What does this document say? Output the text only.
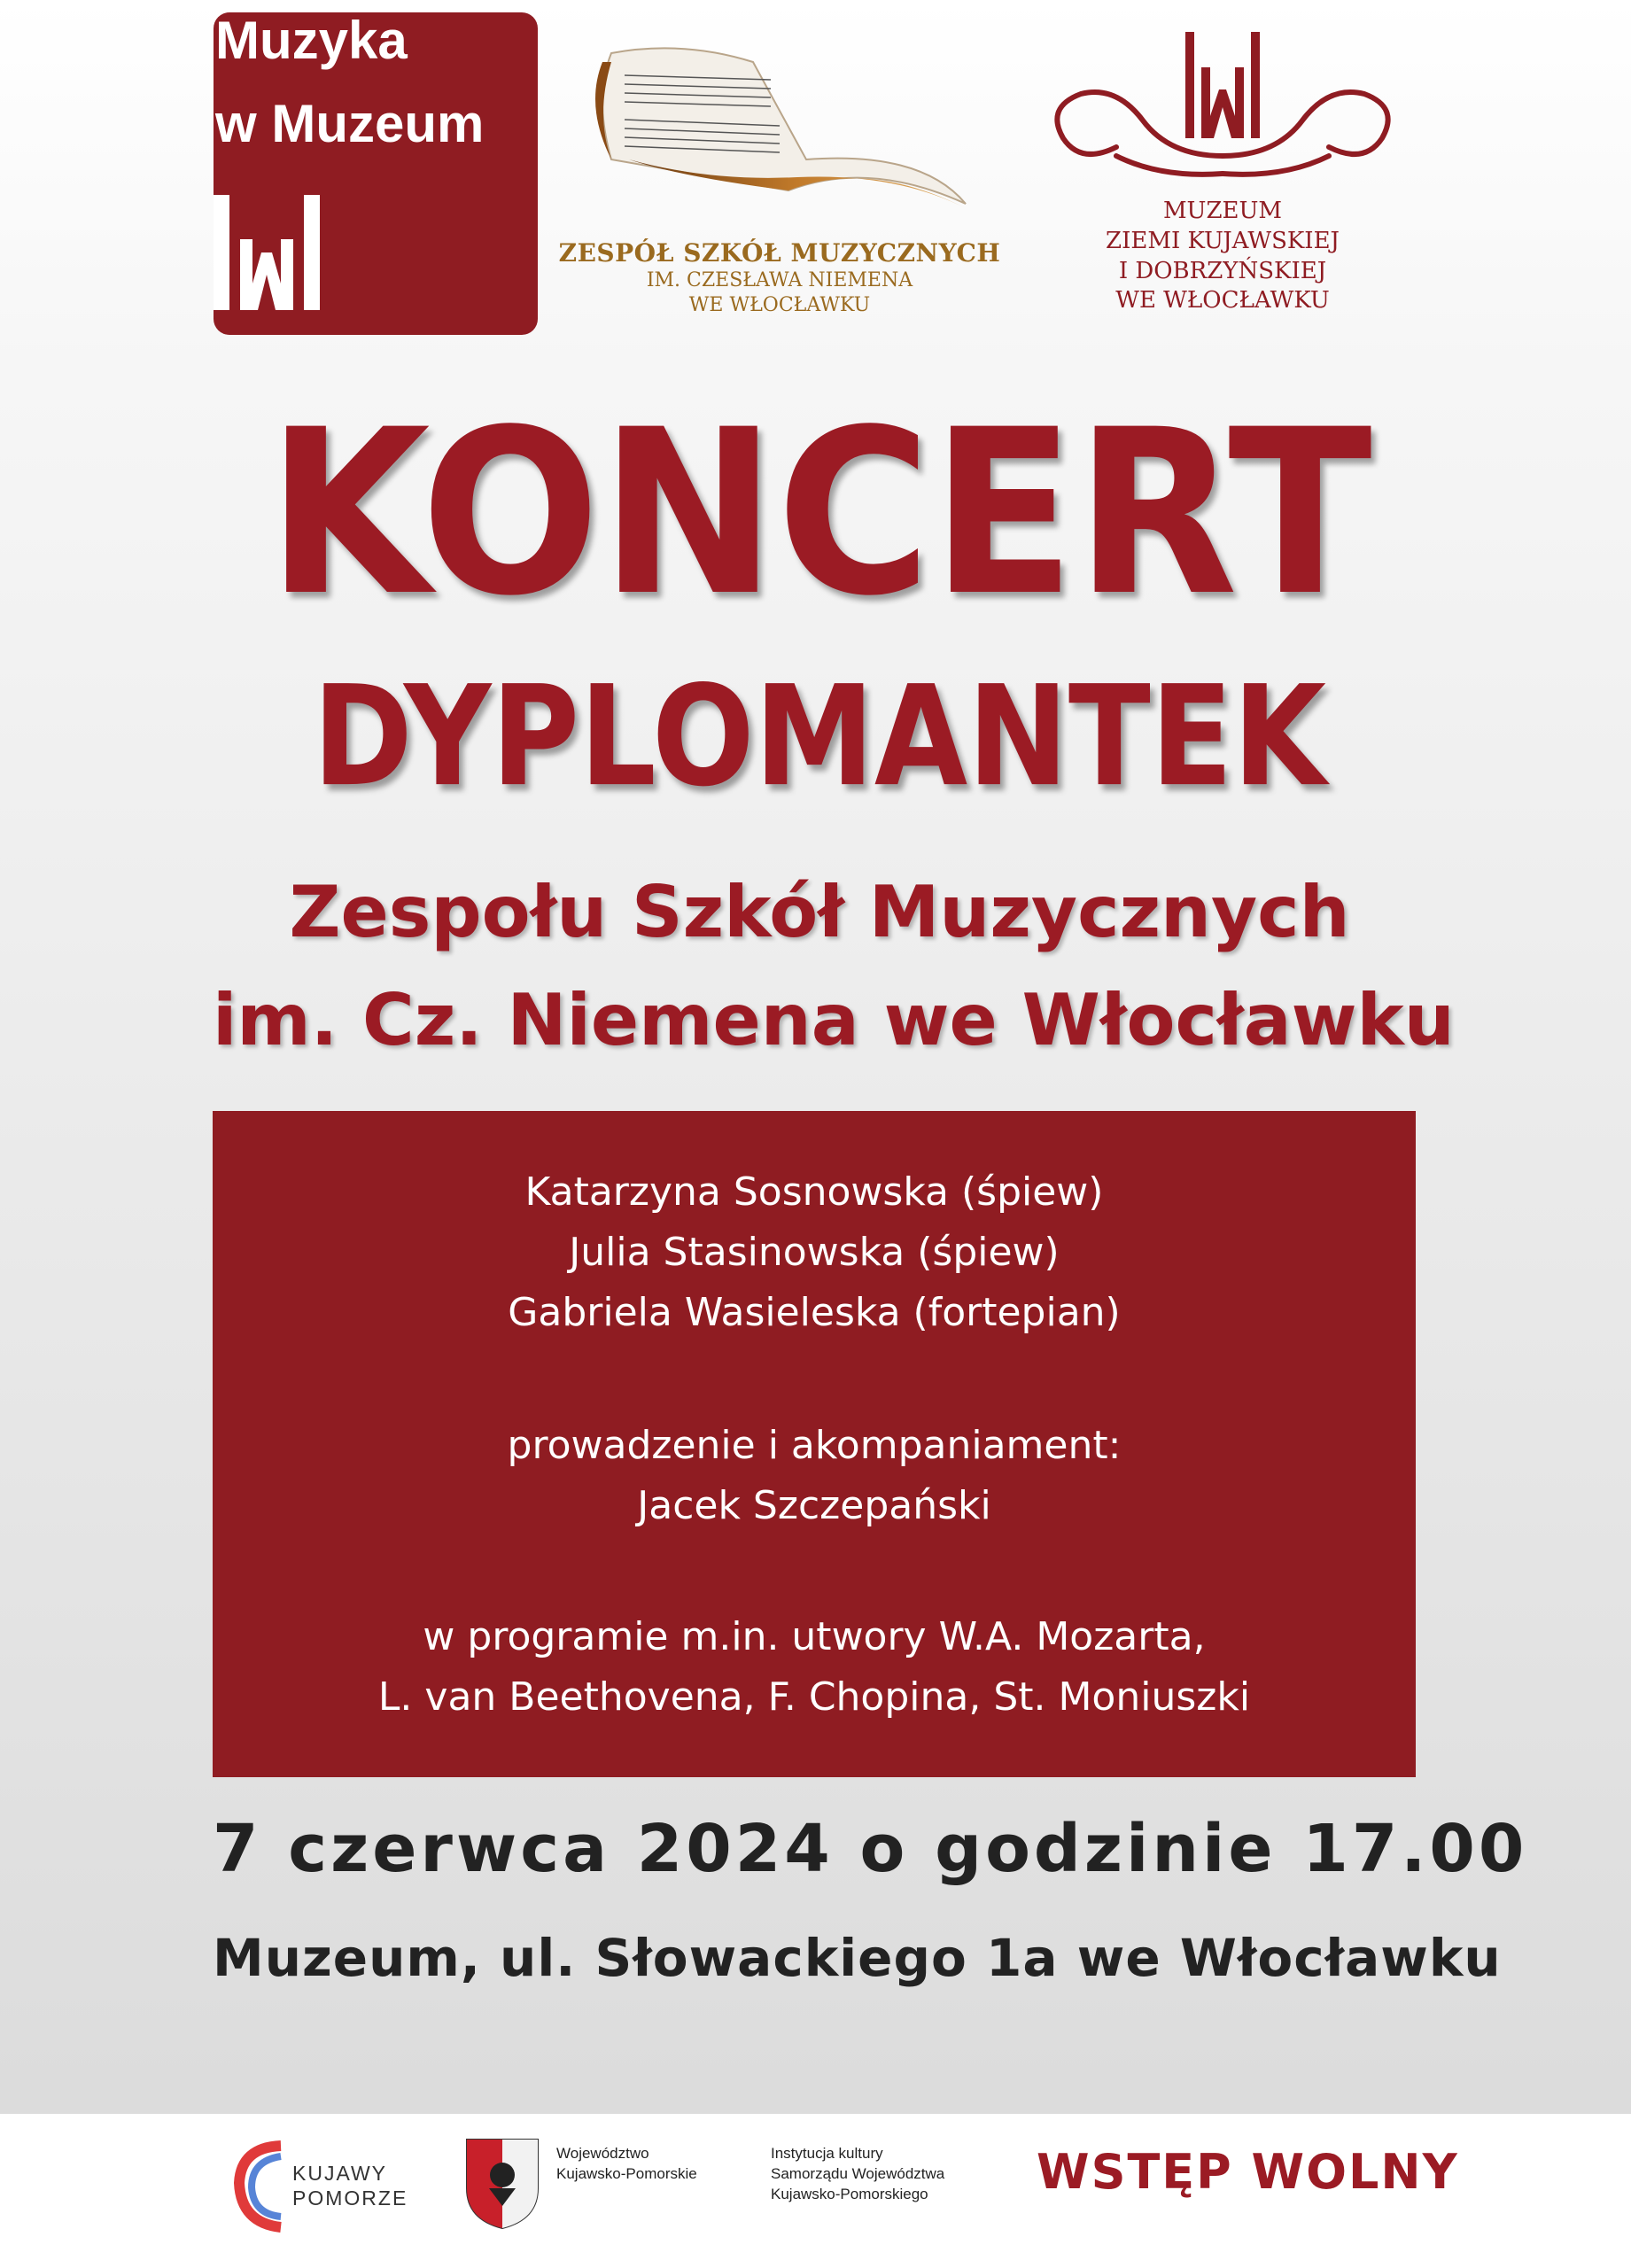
Muzyka
w Muzeum
ZESPÓŁ SZKÓŁ MUZYCZNYCH
IM. CZESŁAWA NIEMENA
WE WŁOCŁAWKU
MUZEUM
ZIEMI KUJAWSKIEJ
I DOBRZYŃSKIEJ
WE WŁOCŁAWKU
KONCERT
DYPLOMANTEK
Zespołu Szkół Muzycznych
im. Cz. Niemena we Włocławku
Katarzyna Sosnowska (śpiew)
Julia Stasinowska (śpiew)
Gabriela Wasieleska (fortepian)
prowadzenie i akompaniament:
Jacek Szczepański
w programie m.in. utwory W.A. Mozarta,
L. van Beethovena, F. Chopina, St. Moniuszki
7 czerwca 2024 o godzinie 17.00
Muzeum, ul. Słowackiego 1a we Włocławku
KUJAWY
POMORZE
Województwo
Kujawsko-Pomorskie
Instytucja kultury
Samorządu Województwa
Kujawsko-Pomorskiego	WSTĘP WOLNY
